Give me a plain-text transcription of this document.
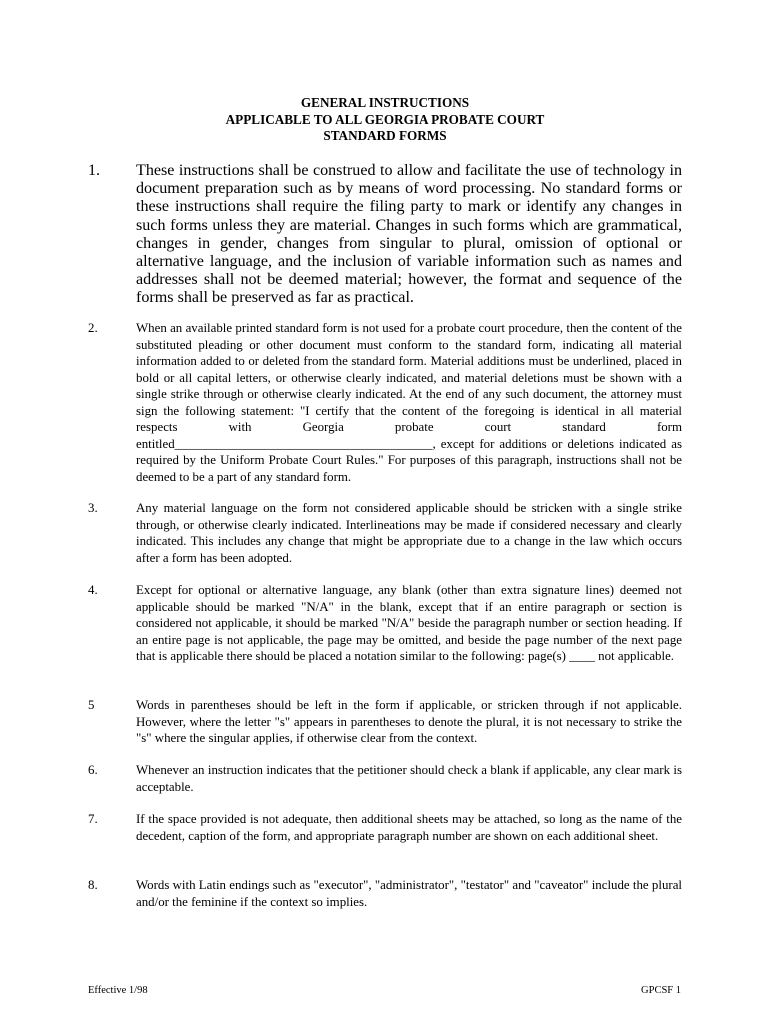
GENERAL INSTRUCTIONS
APPLICABLE TO ALL GEORGIA PROBATE COURT
STANDARD FORMS
1.	These instructions shall be construed to allow and facilitate the use of technology in document preparation such as by means of word processing. No standard forms or these instructions shall require the filing party to mark or identify any changes in such forms unless they are material. Changes in such forms which are grammatical, changes in gender, changes from singular to plural, omission of optional or alternative language, and the inclusion of variable information such as names and addresses shall not be deemed material; however, the format and sequence of the forms shall be preserved as far as practical.
2.	When an available printed standard form is not used for a probate court procedure, then the content of the substituted pleading or other document must conform to the standard form, indicating all material information added to or deleted from the standard form. Material additions must be underlined, placed in bold or all capital letters, or otherwise clearly indicated, and material deletions must be shown with a single strike through or otherwise clearly indicated. At the end of any such document, the attorney must sign the following statement: "I certify that the content of the foregoing is identical in all material respects with Georgia probate court standard form entitled________________________________________, except for additions or deletions indicated as required by the Uniform Probate Court Rules." For purposes of this paragraph, instructions shall not be deemed to be a part of any standard form.
3.	Any material language on the form not considered applicable should be stricken with a single strike through, or otherwise clearly indicated. Interlineations may be made if considered necessary and clearly indicated. This includes any change that might be appropriate due to a change in the law which occurs after a form has been adopted.
4.	Except for optional or alternative language, any blank (other than extra signature lines) deemed not applicable should be marked "N/A" in the blank, except that if an entire paragraph or section is considered not applicable, it should be marked "N/A" beside the paragraph number or section heading. If an entire page is not applicable, the page may be omitted, and beside the page number of the next page that is applicable there should be placed a notation similar to the following: page(s) ____ not applicable.
5	Words in parentheses should be left in the form if applicable, or stricken through if not applicable. However, where the letter "s" appears in parentheses to denote the plural, it is not necessary to strike the "s" where the singular applies, if otherwise clear from the context.
6.	Whenever an instruction indicates that the petitioner should check a blank if applicable, any clear mark is acceptable.
7.	If the space provided is not adequate, then additional sheets may be attached, so long as the name of the decedent, caption of the form, and appropriate paragraph number are shown on each additional sheet.
8.	Words with Latin endings such as "executor", "administrator", "testator" and "caveator" include the plural and/or the feminine if the context so implies.
Effective 1/98	GPCSF 1
